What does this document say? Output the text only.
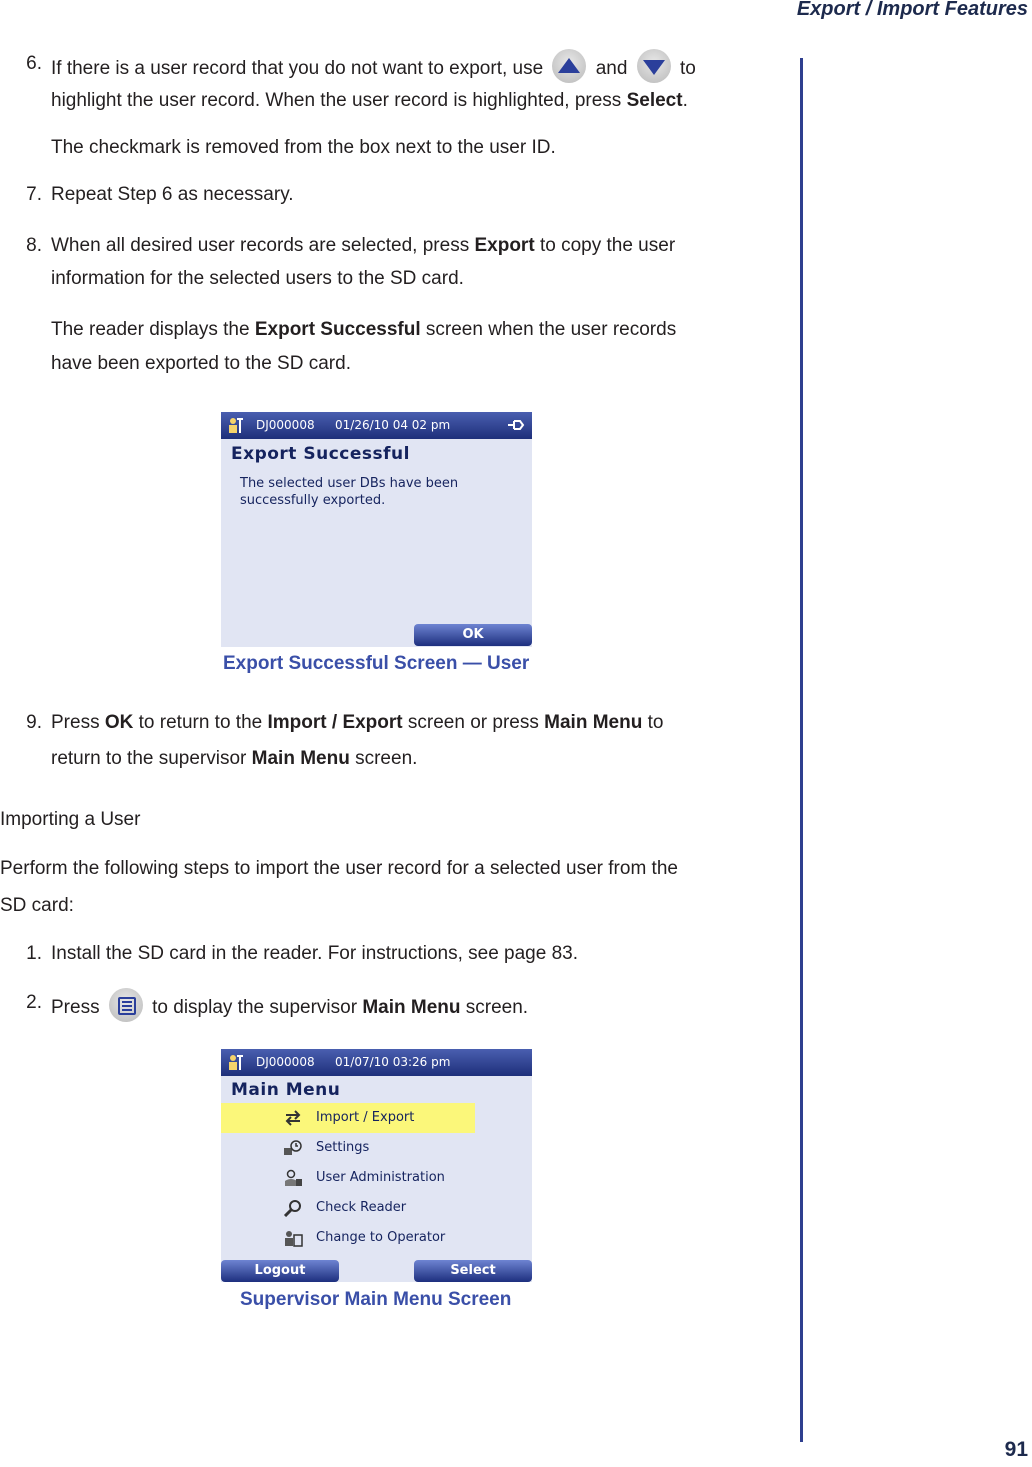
Export / Import Features
6. If there is a user record that you do not want to export, use	and	to
highlight the user record. When the user record is highlighted, press Select.
The checkmark is removed from the box next to the user ID.
7. Repeat Step 6 as necessary.
8. When all desired user records are selected, press Export to copy the user
information for the selected users to the SD card.
The reader displays the Export Successful screen when the user records
have been exported to the SD card.
DJ000008 01/26/10 04 02 pm
Export Successful
The selected user DBs have been
successfully exported.
OK
Export Successful Screen — User
9. Press OK to return to the Import / Export screen or press Main Menu to
return to the supervisor Main Menu screen.
Importing a User
Perform the following steps to import the user record for a selected user from the
SD card:
1. Install the SD card in the reader. For instructions, see page 83.
2. Press	to display the supervisor Main Menu screen.
DJ000008 01/07/10 03:26 pm
Main Menu
Import / Export
Settings
User Administration
Check Reader
Change to Operator
Logout	Select
Supervisor Main Menu Screen
91
